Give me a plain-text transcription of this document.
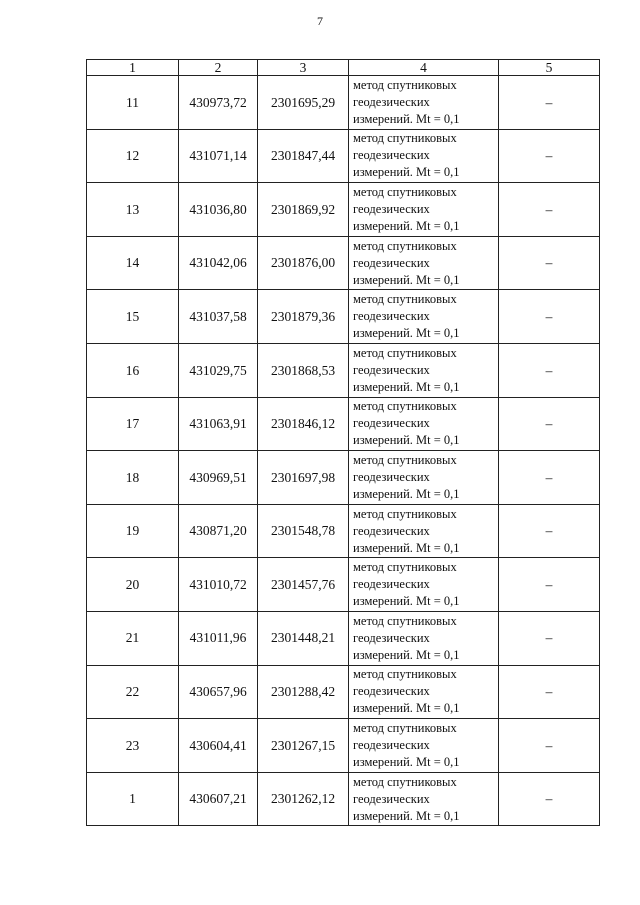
7
1	2	3	4	5
11	430973,72	2301695,29	метод спутниковых
геодезических
измерений. Mt = 0,1	–
12	431071,14	2301847,44	метод спутниковых
геодезических
измерений. Mt = 0,1	–
13	431036,80	2301869,92	метод спутниковых
геодезических
измерений. Mt = 0,1	–
14	431042,06	2301876,00	метод спутниковых
геодезических
измерений. Mt = 0,1	–
15	431037,58	2301879,36	метод спутниковых
геодезических
измерений. Mt = 0,1	–
16	431029,75	2301868,53	метод спутниковых
геодезических
измерений. Mt = 0,1	–
17	431063,91	2301846,12	метод спутниковых
геодезических
измерений. Mt = 0,1	–
18	430969,51	2301697,98	метод спутниковых
геодезических
измерений. Mt = 0,1	–
19	430871,20	2301548,78	метод спутниковых
геодезических
измерений. Mt = 0,1	–
20	431010,72	2301457,76	метод спутниковых
геодезических
измерений. Mt = 0,1	–
21	431011,96	2301448,21	метод спутниковых
геодезических
измерений. Mt = 0,1	–
22	430657,96	2301288,42	метод спутниковых
геодезических
измерений. Mt = 0,1	–
23	430604,41	2301267,15	метод спутниковых
геодезических
измерений. Mt = 0,1	–
1	430607,21	2301262,12	метод спутниковых
геодезических
измерений. Mt = 0,1	–
